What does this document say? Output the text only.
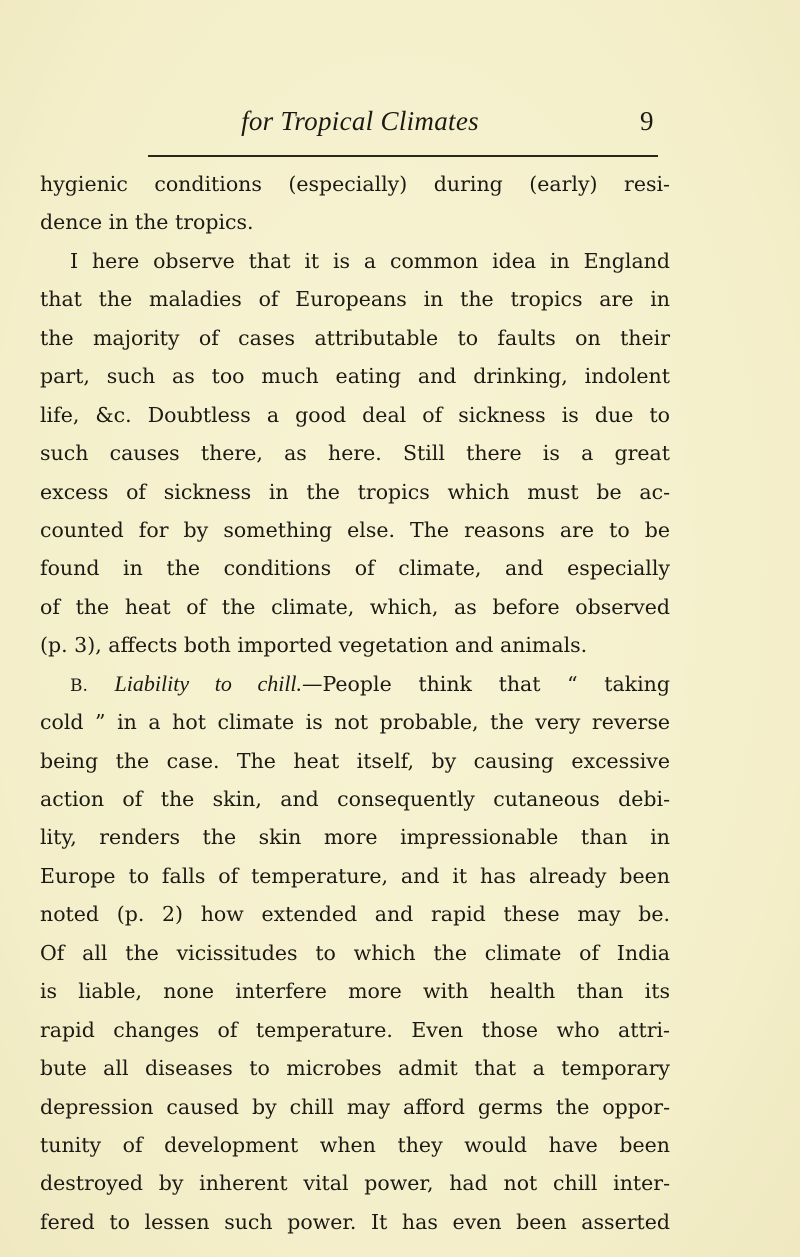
for Tropical Climates	9
hygienic conditions (especially) during (early) resi-
dence in the tropics.
I here observe that it is a common idea in England
that the maladies of Europeans in the tropics are in
the majority of cases attributable to faults on their
part, such as too much eating and drinking, indolent
life, &c. Doubtless a good deal of sickness is due to
such causes there, as here. Still there is a great
excess of sickness in the tropics which must be ac-
counted for by something else. The reasons are to be
found in the conditions of climate, and especially
of the heat of the climate, which, as before observed
(p. 3), affects both imported vegetation and animals.
B. Liability to chill.—People think that “ taking
cold ” in a hot climate is not probable, the very reverse
being the case. The heat itself, by causing excessive
action of the skin, and consequently cutaneous debi-
lity, renders the skin more impressionable than in
Europe to falls of temperature, and it has already been
noted (p. 2) how extended and rapid these may be.
Of all the vicissitudes to which the climate of India
is liable, none interfere more with health than its
rapid changes of temperature. Even those who attri-
bute all diseases to microbes admit that a temporary
depression caused by chill may afford germs the oppor-
tunity of development when they would have been
destroyed by inherent vital power, had not chill inter-
fered to lessen such power. It has even been asserted
